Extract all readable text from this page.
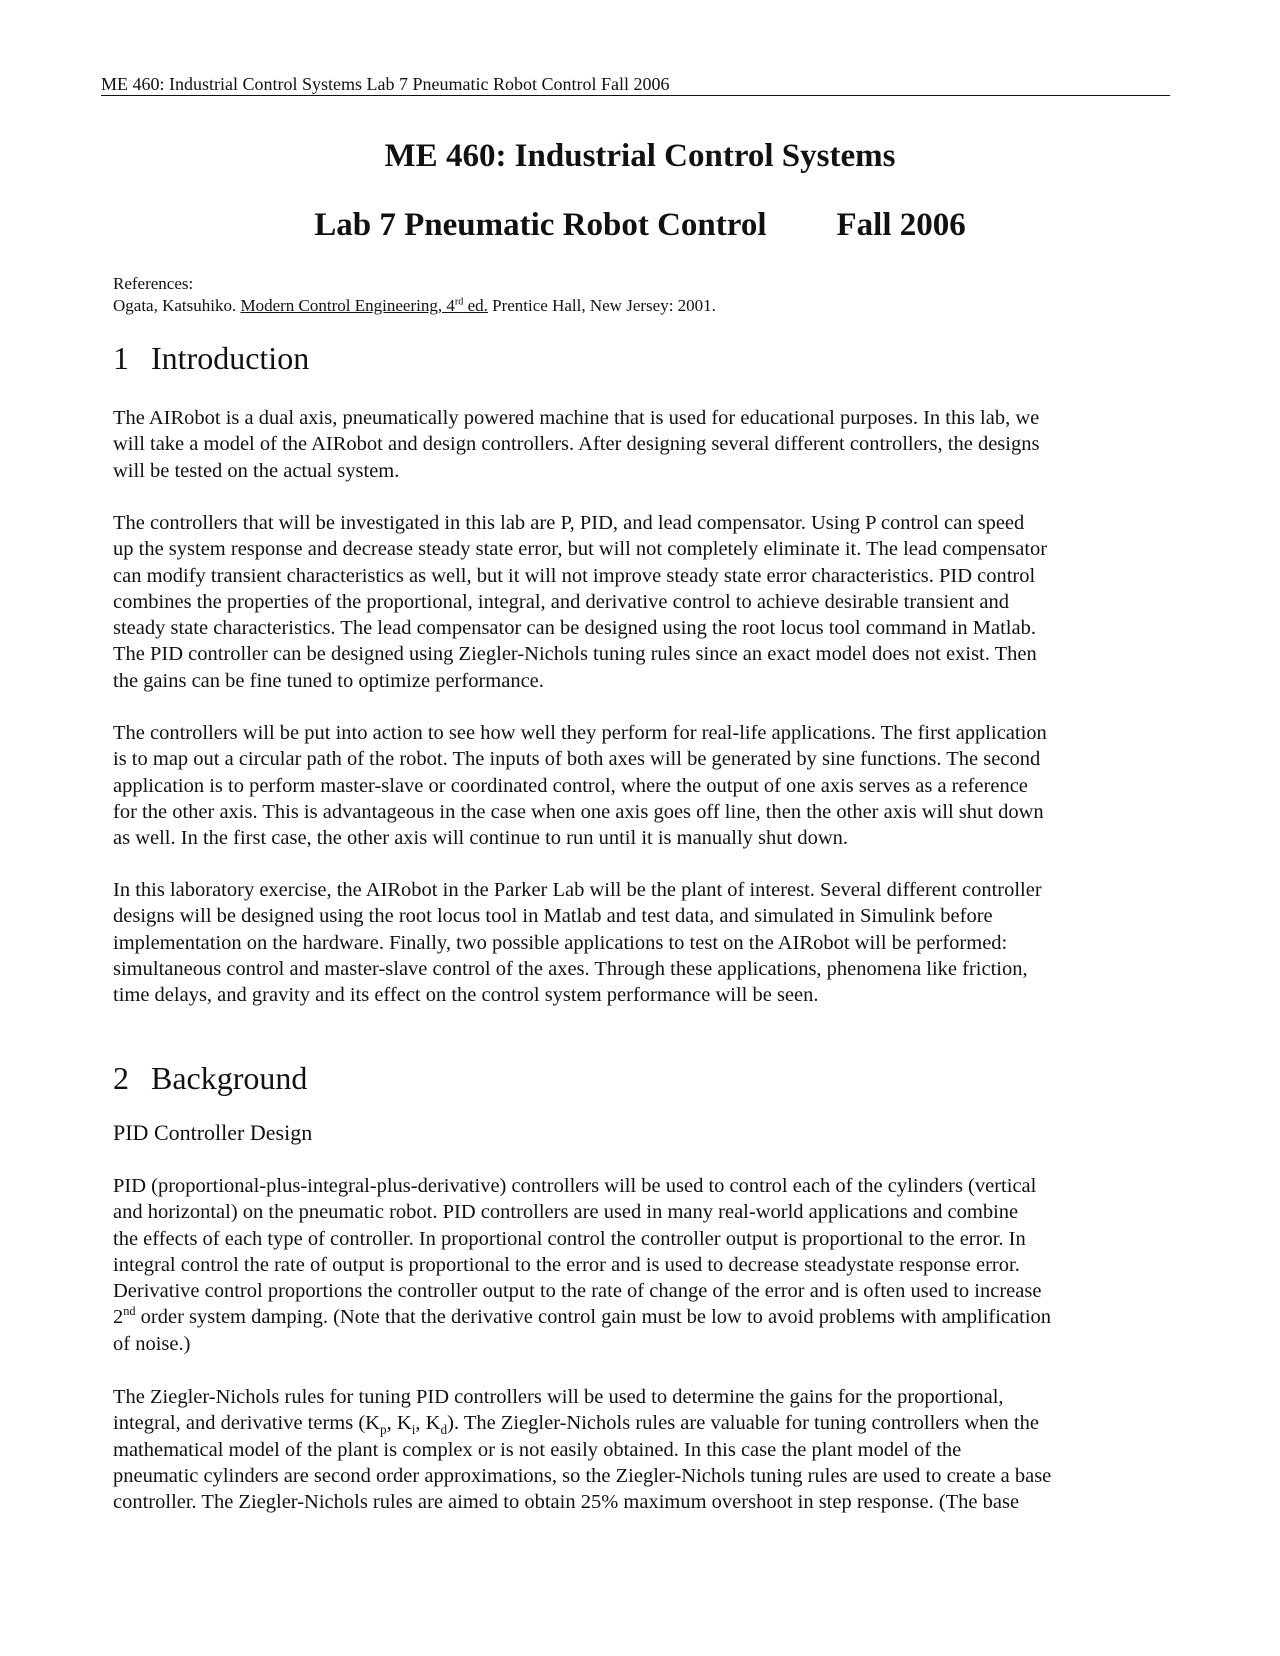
ME 460: Industrial Control Systems Lab 7 Pneumatic Robot Control Fall 2006
ME 460: Industrial Control Systems
Lab 7 Pneumatic Robot Control Fall 2006
References:
Ogata, Katsuhiko. Modern Control Engineering, 4rd ed. Prentice Hall, New Jersey: 2001.
1 Introduction
The AIRobot is a dual axis, pneumatically powered machine that is used for educational purposes. In this lab, we
will take a model of the AIRobot and design controllers. After designing several different controllers, the designs
will be tested on the actual system.
The controllers that will be investigated in this lab are P, PID, and lead compensator. Using P control can speed
up the system response and decrease steady state error, but will not completely eliminate it. The lead compensator
can modify transient characteristics as well, but it will not improve steady state error characteristics. PID control
combines the properties of the proportional, integral, and derivative control to achieve desirable transient and
steady state characteristics. The lead compensator can be designed using the root locus tool command in Matlab.
The PID controller can be designed using Ziegler-Nichols tuning rules since an exact model does not exist. Then
the gains can be fine tuned to optimize performance.
The controllers will be put into action to see how well they perform for real-life applications. The first application
is to map out a circular path of the robot. The inputs of both axes will be generated by sine functions. The second
application is to perform master-slave or coordinated control, where the output of one axis serves as a reference
for the other axis. This is advantageous in the case when one axis goes off line, then the other axis will shut down
as well. In the first case, the other axis will continue to run until it is manually shut down.
In this laboratory exercise, the AIRobot in the Parker Lab will be the plant of interest. Several different controller
designs will be designed using the root locus tool in Matlab and test data, and simulated in Simulink before
implementation on the hardware. Finally, two possible applications to test on the AIRobot will be performed:
simultaneous control and master-slave control of the axes. Through these applications, phenomena like friction,
time delays, and gravity and its effect on the control system performance will be seen.
2 Background
PID Controller Design
PID (proportional-plus-integral-plus-derivative) controllers will be used to control each of the cylinders (vertical
and horizontal) on the pneumatic robot. PID controllers are used in many real-world applications and combine
the effects of each type of controller. In proportional control the controller output is proportional to the error. In
integral control the rate of output is proportional to the error and is used to decrease steadystate response error.
Derivative control proportions the controller output to the rate of change of the error and is often used to increase
2nd order system damping. (Note that the derivative control gain must be low to avoid problems with amplification
of noise.)
The Ziegler-Nichols rules for tuning PID controllers will be used to determine the gains for the proportional,
integral, and derivative terms ($K_p$, $K_i$, $K_d$). The Ziegler-Nichols rules are valuable for tuning controllers when the
mathematical model of the plant is complex or is not easily obtained. In this case the plant model of the
pneumatic cylinders are second order approximations, so the Ziegler-Nichols tuning rules are used to create a base
controller. The Ziegler-Nichols rules are aimed to obtain 25% maximum overshoot in step response. (The base
